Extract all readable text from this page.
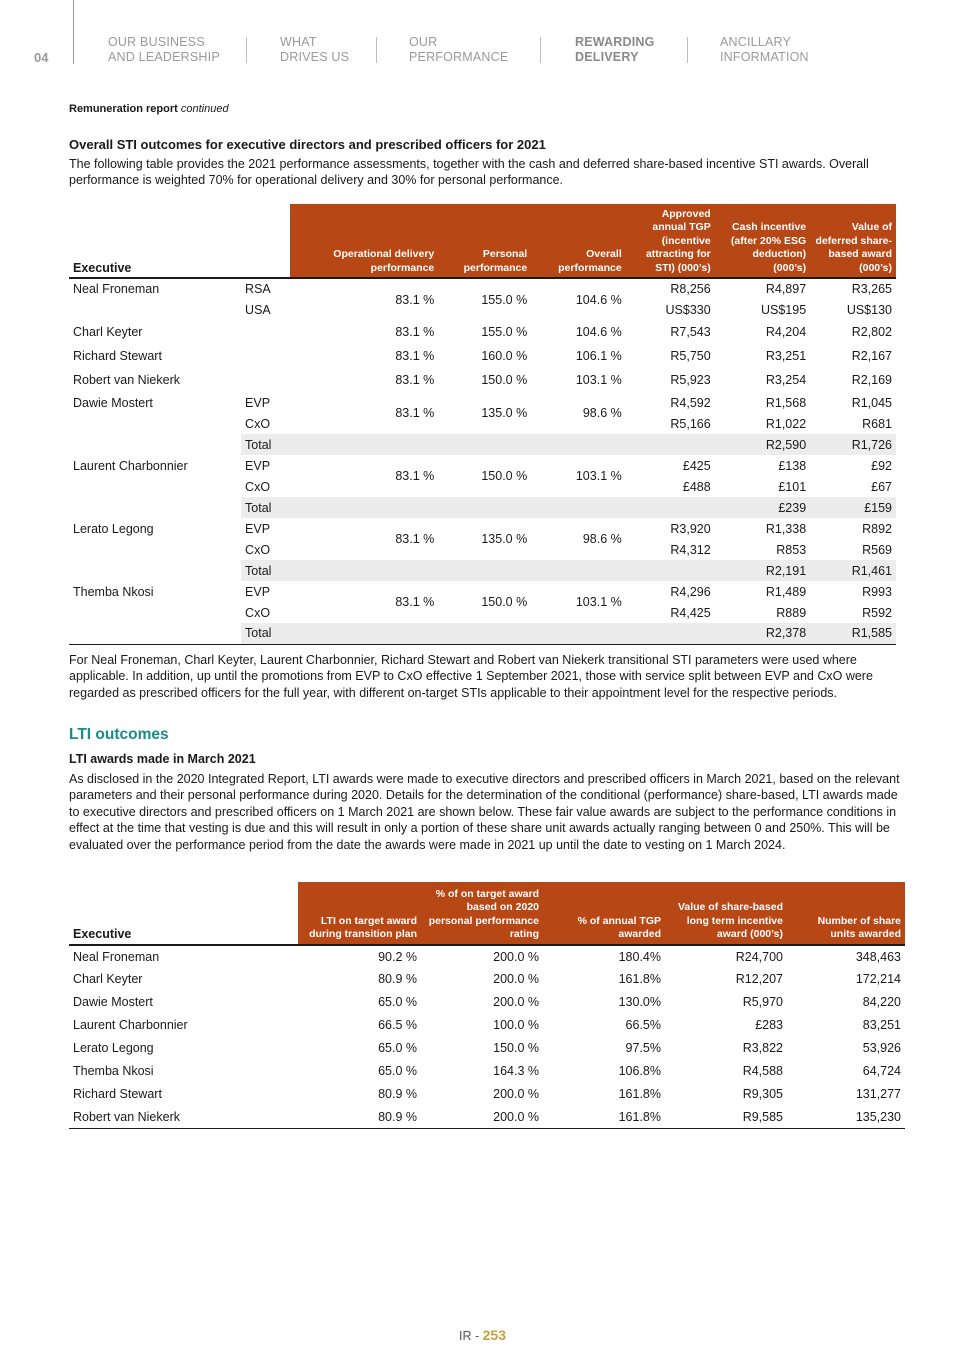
04
OUR BUSINESS
AND LEADERSHIP
WHAT
DRIVES US
OUR
PERFORMANCE
REWARDING
DELIVERY
ANCILLARY
INFORMATION
Remuneration report continued
Overall STI outcomes for executive directors and prescribed officers for 2021
The following table provides the 2021 performance assessments, together with the cash and deferred share-based incentive STI awards. Overall performance is weighted 70% for operational delivery and 30% for personal performance.
Executive		Operational delivery performance	Personal performance	Overall performance	Approved annual TGP (incentive attracting for STI) (000’s)	Cash incentive (after 20% ESG deduction) (000’s)	Value of deferred share-based award (000’s)
Neal Froneman	RSA	83.1 %	155.0 %	104.6 %	R8,256	R4,897	R3,265
	USA				US$330	US$195	US$130
Charl Keyter		83.1 %	155.0 %	104.6 %	R7,543	R4,204	R2,802
Richard Stewart		83.1 %	160.0 %	106.1 %	R5,750	R3,251	R2,167
Robert van Niekerk		83.1 %	150.0 %	103.1 %	R5,923	R3,254	R2,169
Dawie Mostert	EVP	83.1 %	135.0 %	98.6 %	R4,592	R1,568	R1,045
	CxO				R5,166	R1,022	R681
	Total					R2,590	R1,726
Laurent Charbonnier	EVP	83.1 %	150.0 %	103.1 %	£425	£138	£92
	CxO				£488	£101	£67
	Total					£239	£159
Lerato Legong	EVP	83.1 %	135.0 %	98.6 %	R3,920	R1,338	R892
	CxO				R4,312	R853	R569
	Total					R2,191	R1,461
Themba Nkosi	EVP	83.1 %	150.0 %	103.1 %	R4,296	R1,489	R993
	CxO				R4,425	R889	R592
	Total					R2,378	R1,585
For Neal Froneman, Charl Keyter, Laurent Charbonnier, Richard Stewart and Robert van Niekerk transitional STI parameters were used where applicable. In addition, up until the promotions from EVP to CxO effective 1 September 2021, those with service split between EVP and CxO were regarded as prescribed officers for the full year, with different on-target STIs applicable to their appointment level for the respective periods.
LTI outcomes
LTI awards made in March 2021
As disclosed in the 2020 Integrated Report, LTI awards were made to executive directors and prescribed officers in March 2021, based on the relevant parameters and their personal performance during 2020. Details for the determination of the conditional (performance) share-based, LTI awards made to executive directors and prescribed officers on 1 March 2021 are shown below. These fair value awards are subject to the performance conditions in effect at the time that vesting is due and this will result in only a portion of these share unit awards actually ranging between 0 and 250%. This will be evaluated over the performance period from the date the awards were made in 2021 up until the date to vesting on 1 March 2024.
Executive	LTI on target award during transition plan	% of on target award based on 2020 personal performance rating	% of annual TGP awarded	Value of share-based long term incentive award (000’s)	Number of share units awarded
Neal Froneman	90.2 %	200.0 %	180.4%	R24,700	348,463
Charl Keyter	80.9 %	200.0 %	161.8%	R12,207	172,214
Dawie Mostert	65.0 %	200.0 %	130.0%	R5,970	84,220
Laurent Charbonnier	66.5 %	100.0 %	66.5%	£283	83,251
Lerato Legong	65.0 %	150.0 %	97.5%	R3,822	53,926
Themba Nkosi	65.0 %	164.3 %	106.8%	R4,588	64,724
Richard Stewart	80.9 %	200.0 %	161.8%	R9,305	131,277
Robert van Niekerk	80.9 %	200.0 %	161.8%	R9,585	135,230
IR - 253
